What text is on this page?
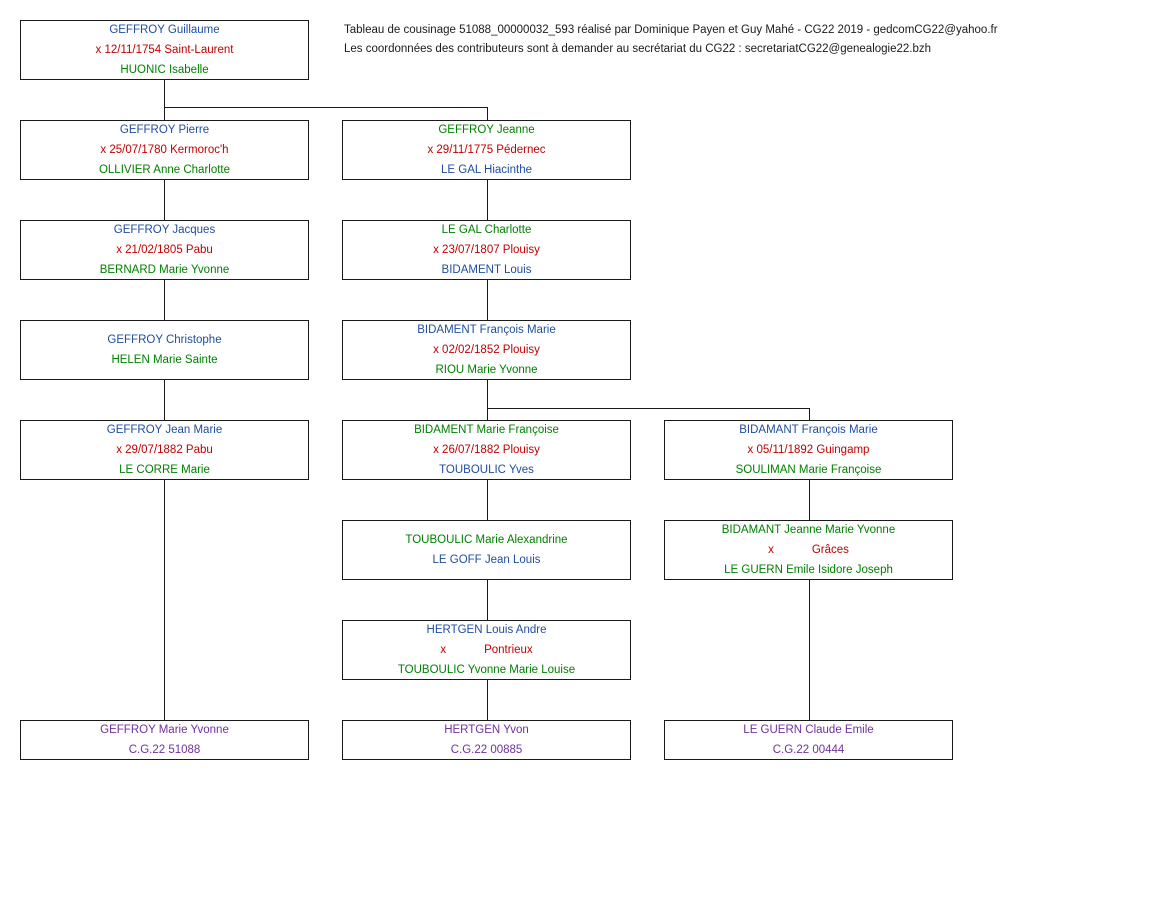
Tableau de cousinage 51088_00000032_593 réalisé par Dominique Payen et Guy Mahé - CG22 2019 - gedcomCG22@yahoo.fr
Les coordonnées des contributeurs sont à demander au secrétariat du CG22 : secretariatCG22@genealogie22.bzh
GEFFROY Guillaume
x 12/11/1754 Saint-Laurent
HUONIC Isabelle
GEFFROY Pierre
x 25/07/1780 Kermoroc'h
OLLIVIER Anne Charlotte
GEFFROY Jeanne
x 29/11/1775 Pédernec
LE GAL Hiacinthe
GEFFROY Jacques
x 21/02/1805 Pabu
BERNARD Marie Yvonne
LE GAL Charlotte
x 23/07/1807 Plouisy
BIDAMENT Louis
GEFFROY Christophe
HELEN Marie Sainte
BIDAMENT François Marie
x 02/02/1852 Plouisy
RIOU Marie Yvonne
GEFFROY Jean Marie
x 29/07/1882 Pabu
LE CORRE Marie
BIDAMENT Marie Françoise
x 26/07/1882 Plouisy
TOUBOULIC Yves
BIDAMANT François Marie
x 05/11/1892 Guingamp
SOULIMAN Marie Françoise
TOUBOULIC Marie Alexandrine
LE GOFF Jean Louis
BIDAMANT Jeanne Marie Yvonne
x	Grâces
LE GUERN Emile Isidore Joseph
HERTGEN Louis Andre
x	Pontrieux
TOUBOULIC Yvonne Marie Louise
GEFFROY Marie Yvonne
C.G.22 51088
HERTGEN Yvon
C.G.22 00885
LE GUERN Claude Emile
C.G.22 00444
